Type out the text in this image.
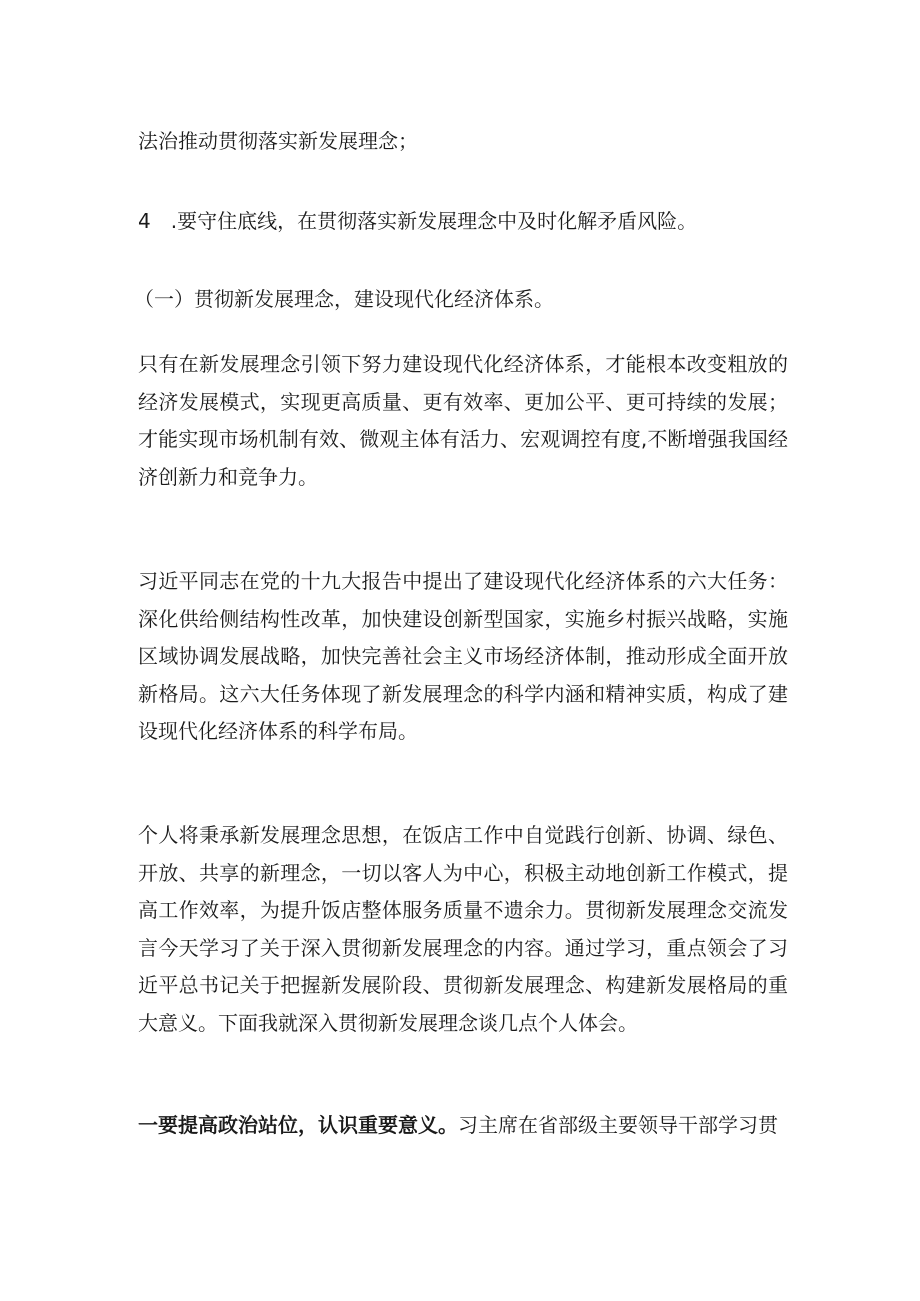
法治推动贯彻落实新发展理念；

4 .要守住底线，在贯彻落实新发展理念中及时化解矛盾风险。

（一）贯彻新发展理念，建设现代化经济体系。

只有在新发展理念引领下努力建设现代化经济体系，才能根本改变粗放的经济发展模式，实现更高质量、更有效率、更加公平、更可持续的发展；才能实现市场机制有效、微观主体有活力、宏观调控有度,不断增强我国经济创新力和竞争力。

习近平同志在党的十九大报告中提出了建设现代化经济体系的六大任务：深化供给侧结构性改革，加快建设创新型国家，实施乡村振兴战略，实施区域协调发展战略，加快完善社会主义市场经济体制，推动形成全面开放新格局。这六大任务体现了新发展理念的科学内涵和精神实质，构成了建设现代化经济体系的科学布局。

个人将秉承新发展理念思想，在饭店工作中自觉践行创新、协调、绿色、开放、共享的新理念，一切以客人为中心，积极主动地创新工作模式，提高工作效率，为提升饭店整体服务质量不遗余力。贯彻新发展理念交流发言今天学习了关于深入贯彻新发展理念的内容。通过学习，重点领会了习近平总书记关于把握新发展阶段、贯彻新发展理念、构建新发展格局的重大意义。下面我就深入贯彻新发展理念谈几点个人体会。

一要提高政治站位，认识重要意义。习主席在省部级主要领导干部学习贯
